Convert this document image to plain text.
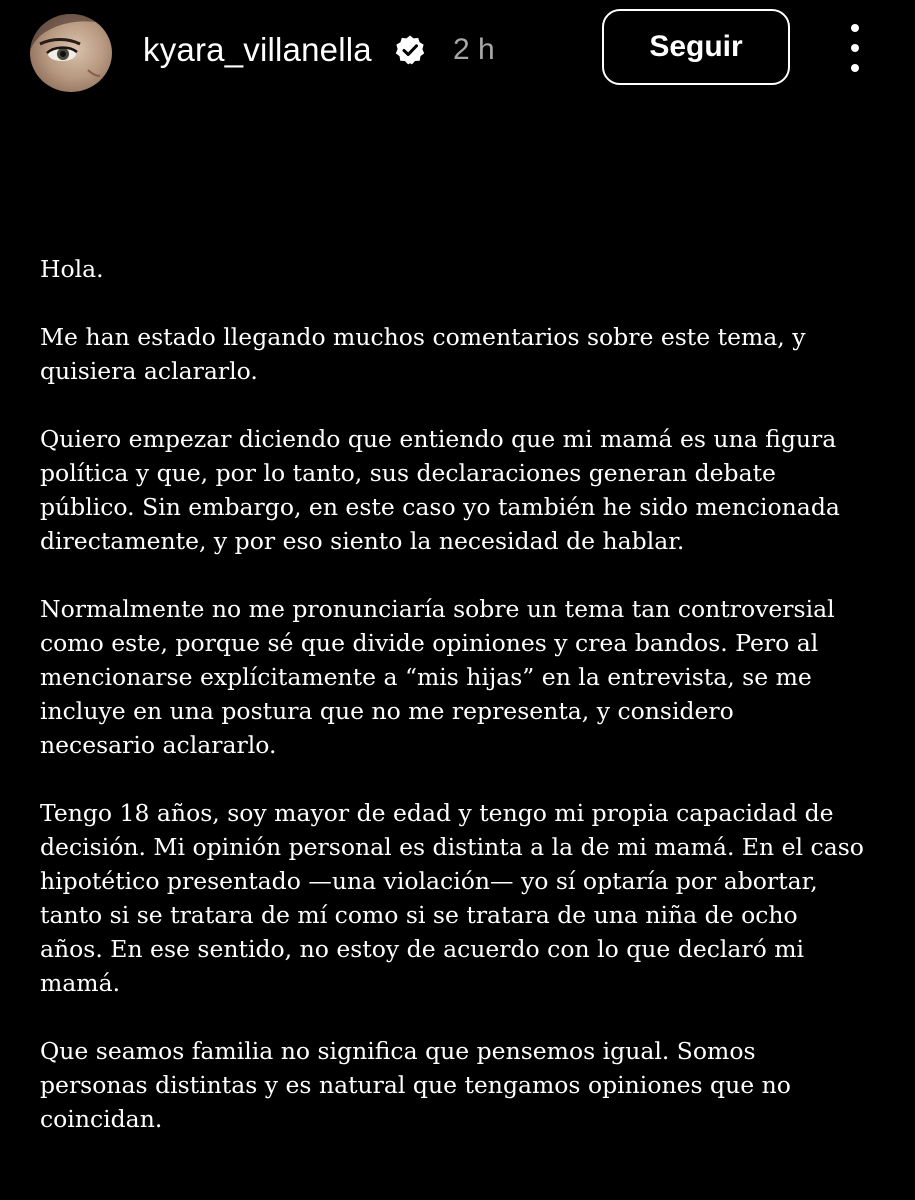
kyara_villanella	2 h	Seguir

Hola.

Me han estado llegando muchos comentarios sobre este tema, y
quisiera aclararlo.

Quiero empezar diciendo que entiendo que mi mamá es una figura
política y que, por lo tanto, sus declaraciones generan debate
público. Sin embargo, en este caso yo también he sido mencionada
directamente, y por eso siento la necesidad de hablar.

Normalmente no me pronunciaría sobre un tema tan controversial
como este, porque sé que divide opiniones y crea bandos. Pero al
mencionarse explícitamente a “mis hijas” en la entrevista, se me
incluye en una postura que no me representa, y considero
necesario aclararlo.

Tengo 18 años, soy mayor de edad y tengo mi propia capacidad de
decisión. Mi opinión personal es distinta a la de mi mamá. En el caso
hipotético presentado —una violación— yo sí optaría por abortar,
tanto si se tratara de mí como si se tratara de una niña de ocho
años. En ese sentido, no estoy de acuerdo con lo que declaró mi
mamá.

Que seamos familia no significa que pensemos igual. Somos
personas distintas y es natural que tengamos opiniones que no
coincidan.
